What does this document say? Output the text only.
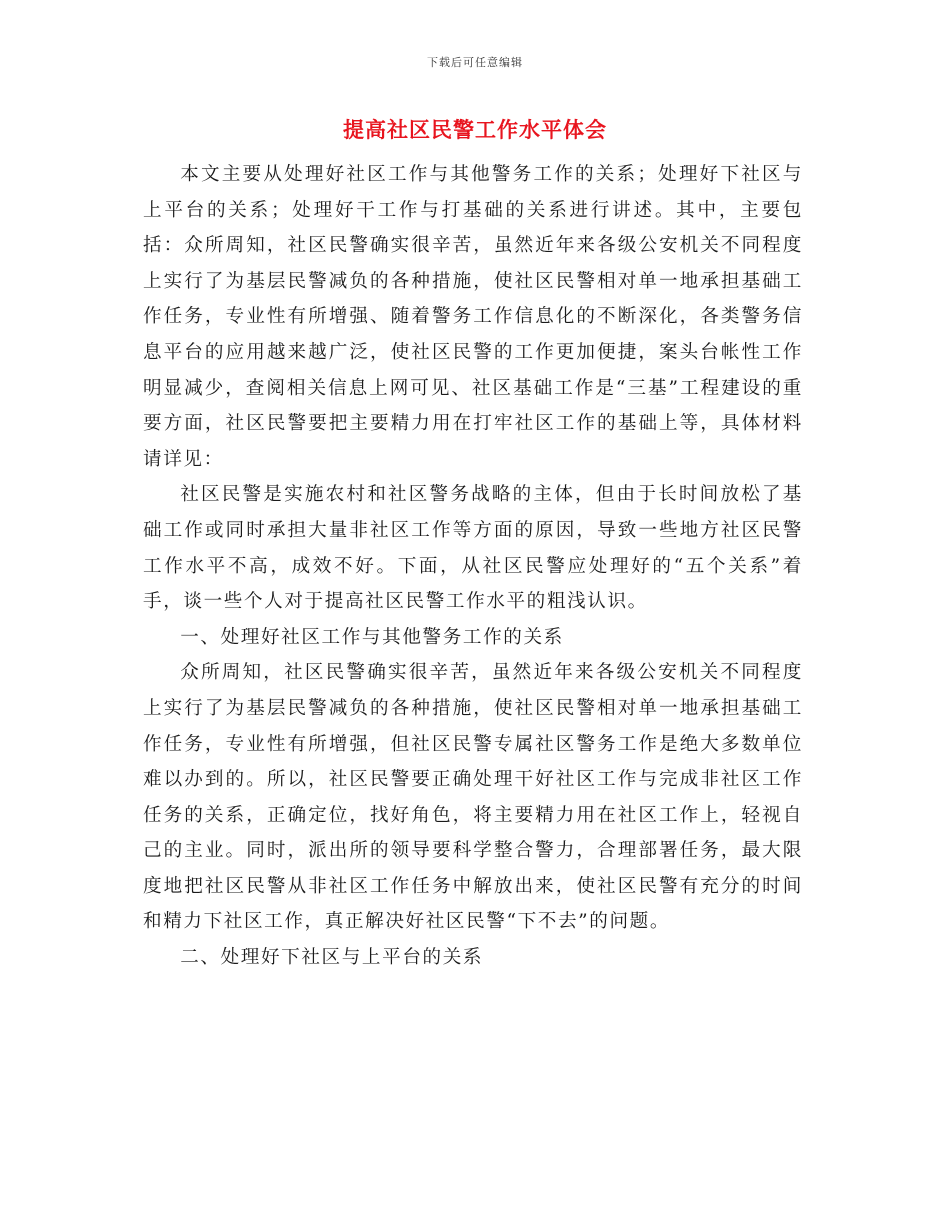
下载后可任意编辑
提高社区民警工作水平体会

本文主要从处理好社区工作与其他警务工作的关系；处理好下社区与上平台的关系；处理好干工作与打基础的关系进行讲述。其中，主要包括：众所周知，社区民警确实很辛苦，虽然近年来各级公安机关不同程度上实行了为基层民警减负的各种措施，使社区民警相对单一地承担基础工作任务，专业性有所增强、随着警务工作信息化的不断深化，各类警务信息平台的应用越来越广泛，使社区民警的工作更加便捷，案头台帐性工作明显减少，查阅相关信息上网可见、社区基础工作是“三基”工程建设的重要方面，社区民警要把主要精力用在打牢社区工作的基础上等，具体材料请详见：

社区民警是实施农村和社区警务战略的主体，但由于长时间放松了基础工作或同时承担大量非社区工作等方面的原因，导致一些地方社区民警工作水平不高，成效不好。下面，从社区民警应处理好的“五个关系”着手，谈一些个人对于提高社区民警工作水平的粗浅认识。

一、处理好社区工作与其他警务工作的关系

众所周知，社区民警确实很辛苦，虽然近年来各级公安机关不同程度上实行了为基层民警减负的各种措施，使社区民警相对单一地承担基础工作任务，专业性有所增强，但社区民警专属社区警务工作是绝大多数单位难以办到的。所以，社区民警要正确处理干好社区工作与完成非社区工作任务的关系，正确定位，找好角色，将主要精力用在社区工作上，轻视自己的主业。同时，派出所的领导要科学整合警力，合理部署任务，最大限度地把社区民警从非社区工作任务中解放出来，使社区民警有充分的时间和精力下社区工作，真正解决好社区民警“下不去”的问题。

二、处理好下社区与上平台的关系
